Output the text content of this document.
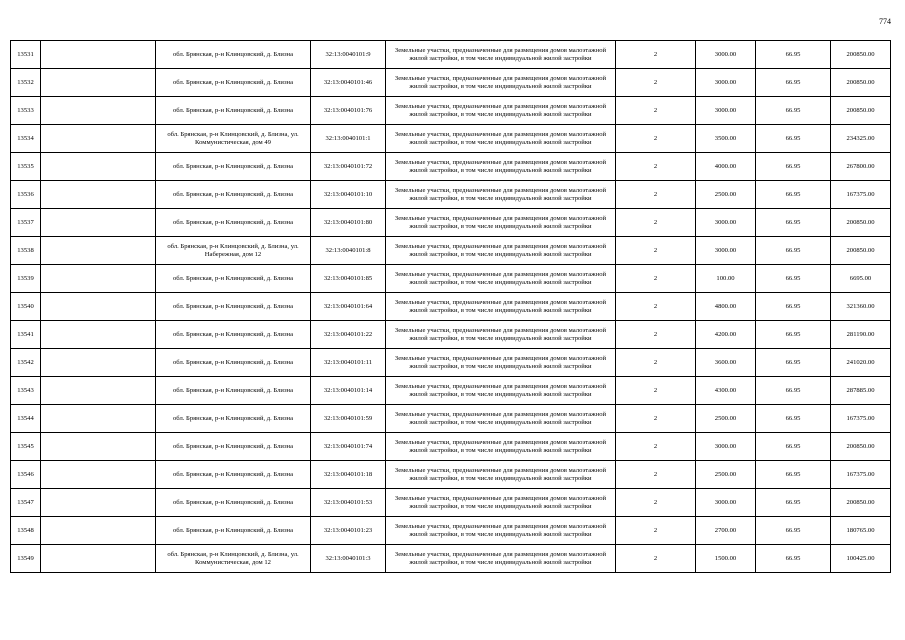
774
13531		обл. Брянская, р-н Клинцовский, д. Близна	32:13:0040101:9	Земельные участки, предназначенные для размещения домов малоэтажной жилой застройки, в том числе индивидуальной жилой застройки	2	3000.00	66.95	200850.00
13532		обл. Брянская, р-н Клинцовский, д. Близна	32:13:0040101:46	Земельные участки, предназначенные для размещения домов малоэтажной жилой застройки, в том числе индивидуальной жилой застройки	2	3000.00	66.95	200850.00
13533		обл. Брянская, р-н Клинцовский, д. Близна	32:13:0040101:76	Земельные участки, предназначенные для размещения домов малоэтажной жилой застройки, в том числе индивидуальной жилой застройки	2	3000.00	66.95	200850.00
13534		обл. Брянская, р-н Клинцовский, д. Близна, ул. Коммунистическая, дом 49	32:13:0040101:1	Земельные участки, предназначенные для размещения домов малоэтажной жилой застройки, в том числе индивидуальной жилой застройки	2	3500.00	66.95	234325.00
13535		обл. Брянская, р-н Клинцовский, д. Близна	32:13:0040101:72	Земельные участки, предназначенные для размещения домов малоэтажной жилой застройки, в том числе индивидуальной жилой застройки	2	4000.00	66.95	267800.00
13536		обл. Брянская, р-н Клинцовский, д. Близна	32:13:0040101:10	Земельные участки, предназначенные для размещения домов малоэтажной жилой застройки, в том числе индивидуальной жилой застройки	2	2500.00	66.95	167375.00
13537		обл. Брянская, р-н Клинцовский, д. Близна	32:13:0040101:80	Земельные участки, предназначенные для размещения домов малоэтажной жилой застройки, в том числе индивидуальной жилой застройки	2	3000.00	66.95	200850.00
13538		обл. Брянская, р-н Клинцовский, д. Близна, ул. Набережная, дом 12	32:13:0040101:8	Земельные участки, предназначенные для размещения домов малоэтажной жилой застройки, в том числе индивидуальной жилой застройки	2	3000.00	66.95	200850.00
13539		обл. Брянская, р-н Клинцовский, д. Близна	32:13:0040101:85	Земельные участки, предназначенные для размещения домов малоэтажной жилой застройки, в том числе индивидуальной жилой застройки	2	100.00	66.95	6695.00
13540		обл. Брянская, р-н Клинцовский, д. Близна	32:13:0040101:64	Земельные участки, предназначенные для размещения домов малоэтажной жилой застройки, в том числе индивидуальной жилой застройки	2	4800.00	66.95	321360.00
13541		обл. Брянская, р-н Клинцовский, д. Близна	32:13:0040101:22	Земельные участки, предназначенные для размещения домов малоэтажной жилой застройки, в том числе индивидуальной жилой застройки	2	4200.00	66.95	281190.00
13542		обл. Брянская, р-н Клинцовский, д. Близна	32:13:0040101:11	Земельные участки, предназначенные для размещения домов малоэтажной жилой застройки, в том числе индивидуальной жилой застройки	2	3600.00	66.95	241020.00
13543		обл. Брянская, р-н Клинцовский, д. Близна	32:13:0040101:14	Земельные участки, предназначенные для размещения домов малоэтажной жилой застройки, в том числе индивидуальной жилой застройки	2	4300.00	66.95	287885.00
13544		обл. Брянская, р-н Клинцовский, д. Близна	32:13:0040101:59	Земельные участки, предназначенные для размещения домов малоэтажной жилой застройки, в том числе индивидуальной жилой застройки	2	2500.00	66.95	167375.00
13545		обл. Брянская, р-н Клинцовский, д. Близна	32:13:0040101:74	Земельные участки, предназначенные для размещения домов малоэтажной жилой застройки, в том числе индивидуальной жилой застройки	2	3000.00	66.95	200850.00
13546		обл. Брянская, р-н Клинцовский, д. Близна	32:13:0040101:18	Земельные участки, предназначенные для размещения домов малоэтажной жилой застройки, в том числе индивидуальной жилой застройки	2	2500.00	66.95	167375.00
13547		обл. Брянская, р-н Клинцовский, д. Близна	32:13:0040101:53	Земельные участки, предназначенные для размещения домов малоэтажной жилой застройки, в том числе индивидуальной жилой застройки	2	3000.00	66.95	200850.00
13548		обл. Брянская, р-н Клинцовский, д. Близна	32:13:0040101:23	Земельные участки, предназначенные для размещения домов малоэтажной жилой застройки, в том числе индивидуальной жилой застройки	2	2700.00	66.95	180765.00
13549		обл. Брянская, р-н Клинцовский, д. Близна, ул. Коммунистическая, дом 12	32:13:0040101:3	Земельные участки, предназначенные для размещения домов малоэтажной жилой застройки, в том числе индивидуальной жилой застройки	2	1500.00	66.95	100425.00
